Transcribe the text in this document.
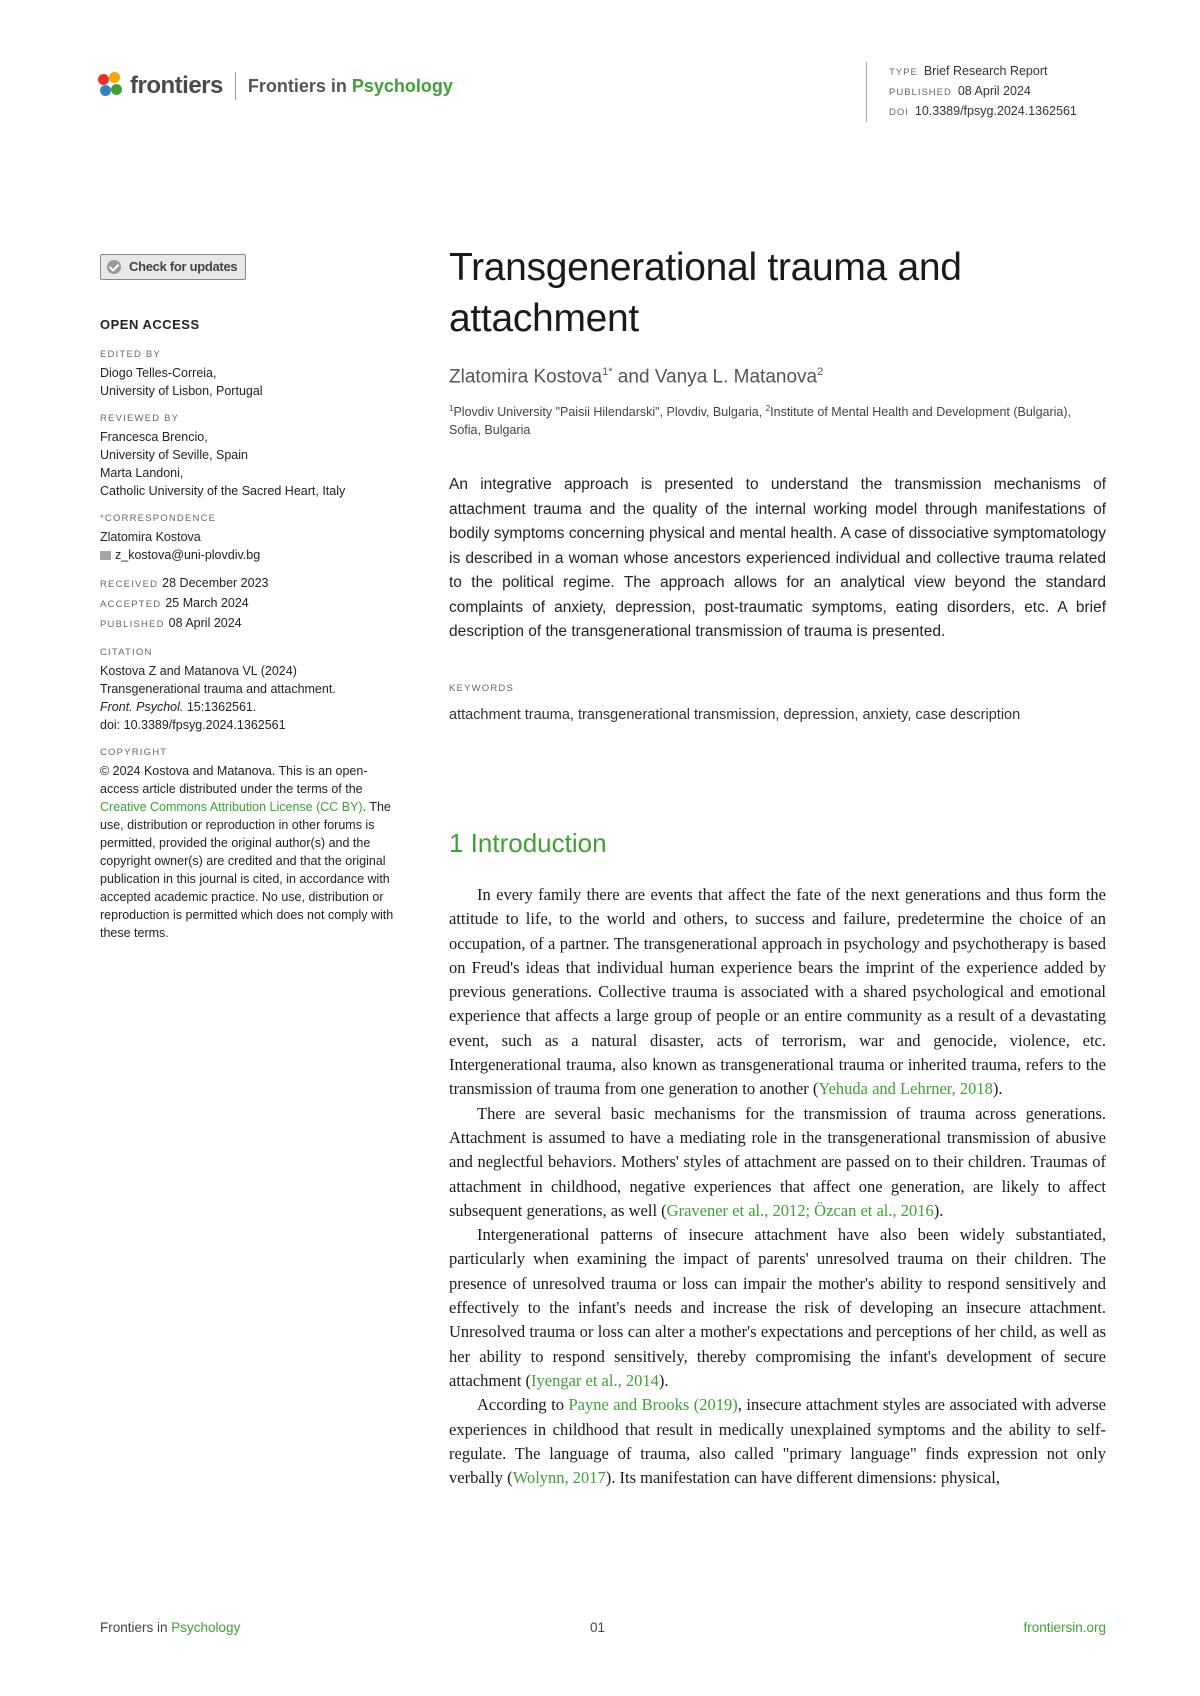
frontiers Frontiers in Psychology
TYPE Brief Research Report
PUBLISHED 08 April 2024
DOI 10.3389/fpsyg.2024.1362561
Check for updates
OPEN ACCESS
EDITED BY
Diogo Telles-Correia,
University of Lisbon, Portugal
REVIEWED BY
Francesca Brencio,
University of Seville, Spain
Marta Landoni,
Catholic University of the Sacred Heart, Italy
*CORRESPONDENCE
Zlatomira Kostova
z_kostova@uni-plovdiv.bg
RECEIVED 28 December 2023
ACCEPTED 25 March 2024
PUBLISHED 08 April 2024
CITATION
Kostova Z and Matanova VL (2024)
Transgenerational trauma and attachment.
Front. Psychol. 15:1362561.
doi: 10.3389/fpsyg.2024.1362561
COPYRIGHT
© 2024 Kostova and Matanova. This is an open-access article distributed under the terms of the Creative Commons Attribution License (CC BY). The use, distribution or reproduction in other forums is permitted, provided the original author(s) and the copyright owner(s) are credited and that the original publication in this journal is cited, in accordance with accepted academic practice. No use, distribution or reproduction is permitted which does not comply with these terms.
Transgenerational trauma and
attachment
Zlatomira Kostova$^{1*}$ and Vanya L. Matanova$^2$
$^1$Plovdiv University "Paisii Hilendarski", Plovdiv, Bulgaria, $^2$Institute of Mental Health and Development (Bulgaria), Sofia, Bulgaria
An integrative approach is presented to understand the transmission mechanisms of attachment trauma and the quality of the internal working model through manifestations of bodily symptoms concerning physical and mental health. A case of dissociative symptomatology is described in a woman whose ancestors experienced individual and collective trauma related to the political regime. The approach allows for an analytical view beyond the standard complaints of anxiety, depression, post-traumatic symptoms, eating disorders, etc. A brief description of the transgenerational transmission of trauma is presented.
KEYWORDS
attachment trauma, transgenerational transmission, depression, anxiety, case description
1 Introduction

In every family there are events that affect the fate of the next generations and thus form the attitude to life, to the world and others, to success and failure, predetermine the choice of an occupation, of a partner. The transgenerational approach in psychology and psychotherapy is based on Freud's ideas that individual human experience bears the imprint of the experience added by previous generations. Collective trauma is associated with a shared psychological and emotional experience that affects a large group of people or an entire community as a result of a devastating event, such as a natural disaster, acts of terrorism, war and genocide, violence, etc. Intergenerational trauma, also known as transgenerational trauma or inherited trauma, refers to the transmission of trauma from one generation to another (Yehuda and Lehrner, 2018).

There are several basic mechanisms for the transmission of trauma across generations. Attachment is assumed to have a mediating role in the transgenerational transmission of abusive and neglectful behaviors. Mothers' styles of attachment are passed on to their children. Traumas of attachment in childhood, negative experiences that affect one generation, are likely to affect subsequent generations, as well (Gravener et al., 2012; Özcan et al., 2016).

Intergenerational patterns of insecure attachment have also been widely substantiated, particularly when examining the impact of parents' unresolved trauma on their children. The presence of unresolved trauma or loss can impair the mother's ability to respond sensitively and effectively to the infant's needs and increase the risk of developing an insecure attachment. Unresolved trauma or loss can alter a mother's expectations and perceptions of her child, as well as her ability to respond sensitively, thereby compromising the infant's development of secure attachment (Iyengar et al., 2014).

According to Payne and Brooks (2019), insecure attachment styles are associated with adverse experiences in childhood that result in medically unexplained symptoms and the ability to self-regulate. The language of trauma, also called "primary language" finds expression not only verbally (Wolynn, 2017). Its manifestation can have different dimensions: physical,

Frontiers in Psychology	01	frontiersin.org
